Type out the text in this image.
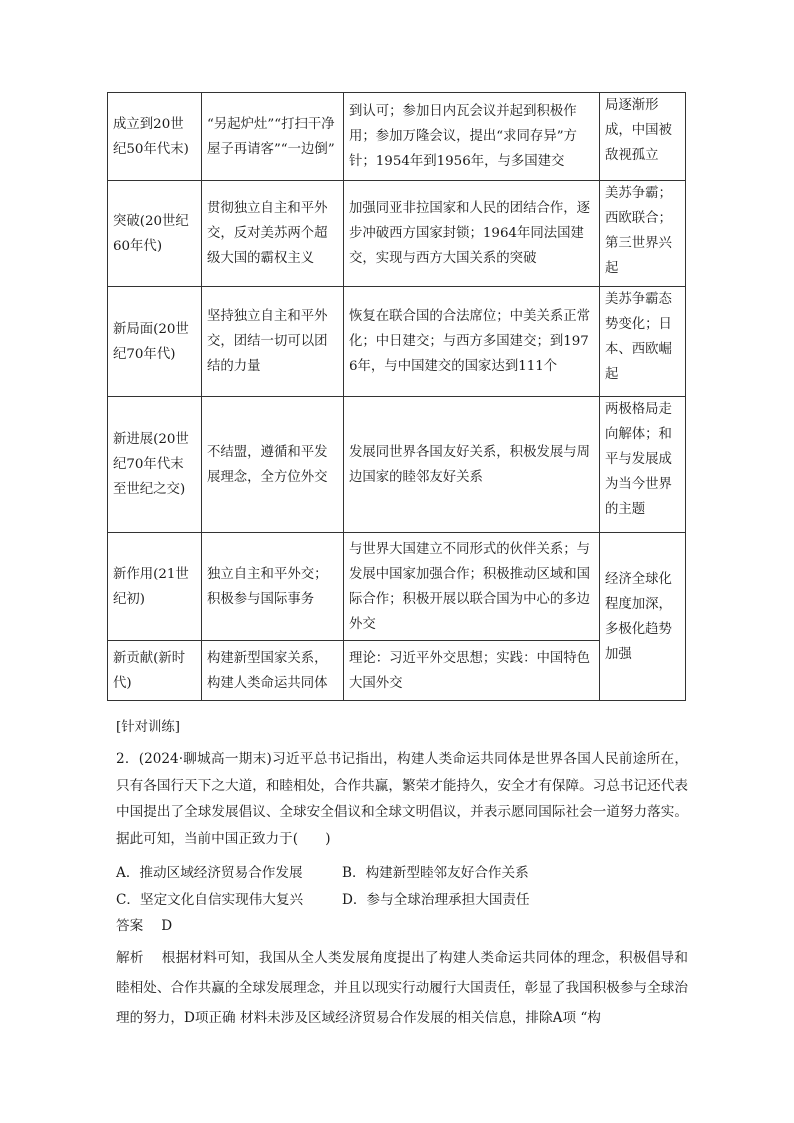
成立到20世纪50年代末)	“另起炉灶”“打扫干净屋子再请客”“一边倒”	到认可；参加日内瓦会议并起到积极作用；参加万隆会议，提出“求同存异”方针；1954年到1956年，与多国建交	局逐渐形成，中国被敌视孤立
突破(20世纪60年代)	贯彻独立自主和平外交，反对美苏两个超级大国的霸权主义	加强同亚非拉国家和人民的团结合作，逐步冲破西方国家封锁；1964年同法国建交，实现与西方大国关系的突破	美苏争霸；西欧联合；第三世界兴起
新局面(20世纪70年代)	坚持独立自主和平外交，团结一切可以团结的力量	恢复在联合国的合法席位；中美关系正常化；中日建交；与西方多国建交；到1976年，与中国建交的国家达到111个	美苏争霸态势变化；日本、西欧崛起
新进展(20世纪70年代末至世纪之交)	不结盟，遵循和平发展理念，全方位外交	发展同世界各国友好关系，积极发展与周边国家的睦邻友好关系	两极格局走向解体；和平与发展成为当今世界的主题
新作用(21世纪初)	独立自主和平外交；积极参与国际事务	与世界大国建立不同形式的伙伴关系；与发展中国家加强合作；积极推动区域和国际合作；积极开展以联合国为中心的多边外交	经济全球化程度加深，多极化趋势加强
新贡献(新时代)	构建新型国家关系，构建人类命运共同体	理论：习近平外交思想；实践：中国特色大国外交	
[针对训练]
2．(2024·聊城高一期末)习近平总书记指出，构建人类命运共同体是世界各国人民前途所在，只有各国行天下之大道，和睦相处，合作共赢，繁荣才能持久，安全才有保障。习总书记还代表中国提出了全球发展倡议、全球安全倡议和全球文明倡议，并表示愿同国际社会一道努力落实。据此可知，当前中国正致力于(　　)
A．推动区域经济贸易合作发展	B．构建新型睦邻友好合作关系
C．坚定文化自信实现伟大复兴	D．参与全球治理承担大国责任
答案 D
解析 根据材料可知，我国从全人类发展角度提出了构建人类命运共同体的理念，积极倡导和睦相处、合作共赢的全球发展理念，并且以现实行动履行大国责任，彰显了我国积极参与全球治理的努力，D项正确 材料未涉及区域经济贸易合作发展的相关信息，排除A项 “构
